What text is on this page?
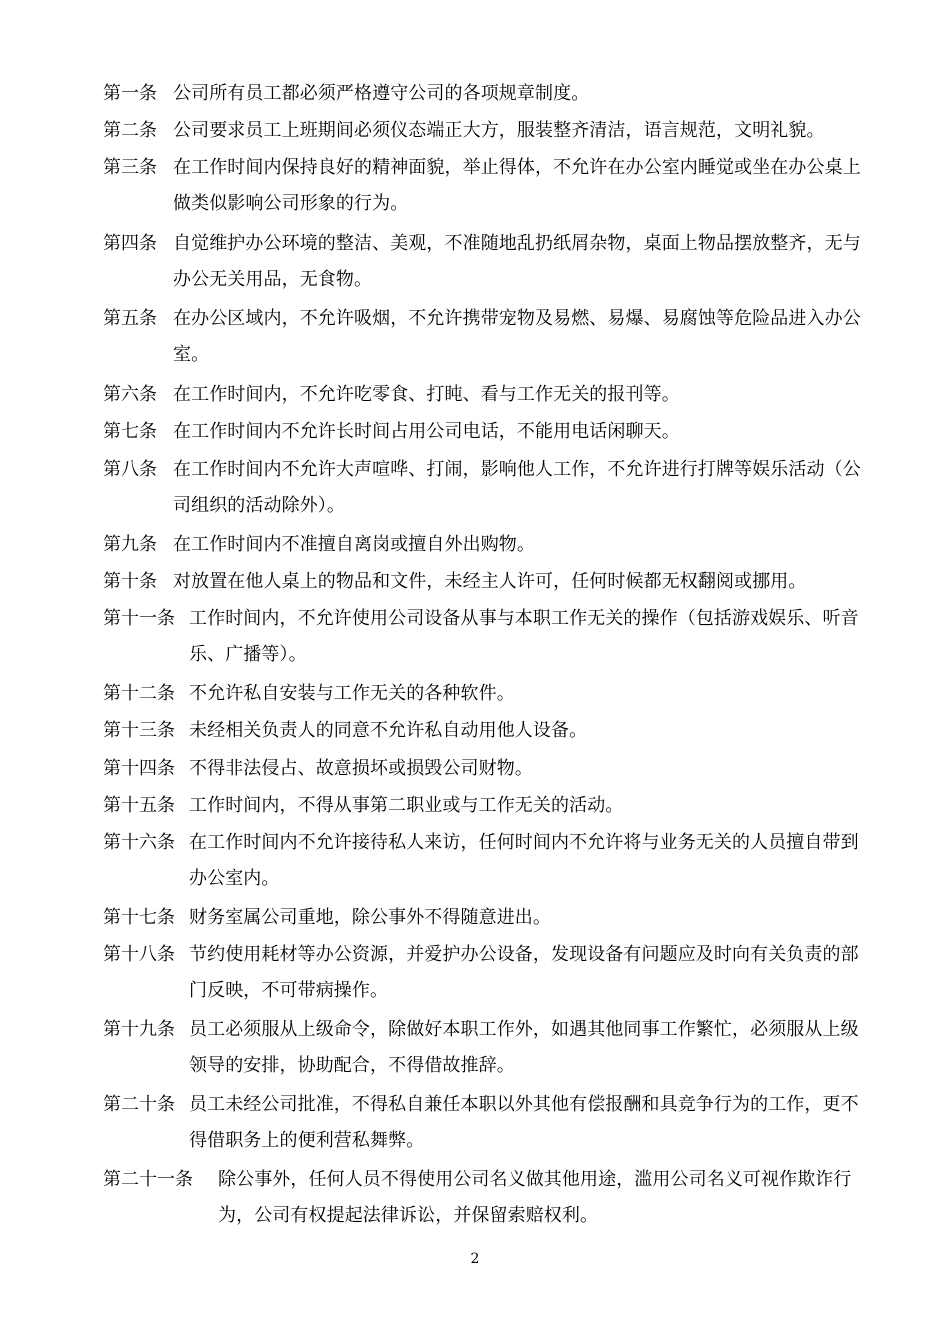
第一条 公司所有员工都必须严格遵守公司的各项规章制度。
第二条 公司要求员工上班期间必须仪态端正大方，服装整齐清洁，语言规范，文明礼貌。
第三条 在工作时间内保持良好的精神面貌，举止得体，不允许在办公室内睡觉或坐在办公桌上做类似影响公司形象的行为。
第四条 自觉维护办公环境的整洁、美观，不准随地乱扔纸屑杂物，桌面上物品摆放整齐，无与办公无关用品，无食物。
第五条 在办公区域内，不允许吸烟，不允许携带宠物及易燃、易爆、易腐蚀等危险品进入办公室。
第六条 在工作时间内，不允许吃零食、打盹、看与工作无关的报刊等。
第七条 在工作时间内不允许长时间占用公司电话，不能用电话闲聊天。
第八条 在工作时间内不允许大声喧哗、打闹，影响他人工作，不允许进行打牌等娱乐活动（公司组织的活动除外）。
第九条 在工作时间内不准擅自离岗或擅自外出购物。
第十条 对放置在他人桌上的物品和文件，未经主人许可，任何时候都无权翻阅或挪用。
第十一条 工作时间内，不允许使用公司设备从事与本职工作无关的操作（包括游戏娱乐、听音乐、广播等）。
第十二条 不允许私自安装与工作无关的各种软件。
第十三条 未经相关负责人的同意不允许私自动用他人设备。
第十四条 不得非法侵占、故意损坏或损毁公司财物。
第十五条 工作时间内，不得从事第二职业或与工作无关的活动。
第十六条 在工作时间内不允许接待私人来访，任何时间内不允许将与业务无关的人员擅自带到办公室内。
第十七条 财务室属公司重地，除公事外不得随意进出。
第十八条 节约使用耗材等办公资源，并爱护办公设备，发现设备有问题应及时向有关负责的部门反映，不可带病操作。
第十九条 员工必须服从上级命令，除做好本职工作外，如遇其他同事工作繁忙，必须服从上级领导的安排，协助配合，不得借故推辞。
第二十条 员工未经公司批准，不得私自兼任本职以外其他有偿报酬和具竞争行为的工作，更不得借职务上的便利营私舞弊。
第二十一条 除公事外，任何人员不得使用公司名义做其他用途，滥用公司名义可视作欺诈行为，公司有权提起法律诉讼，并保留索赔权利。
2
